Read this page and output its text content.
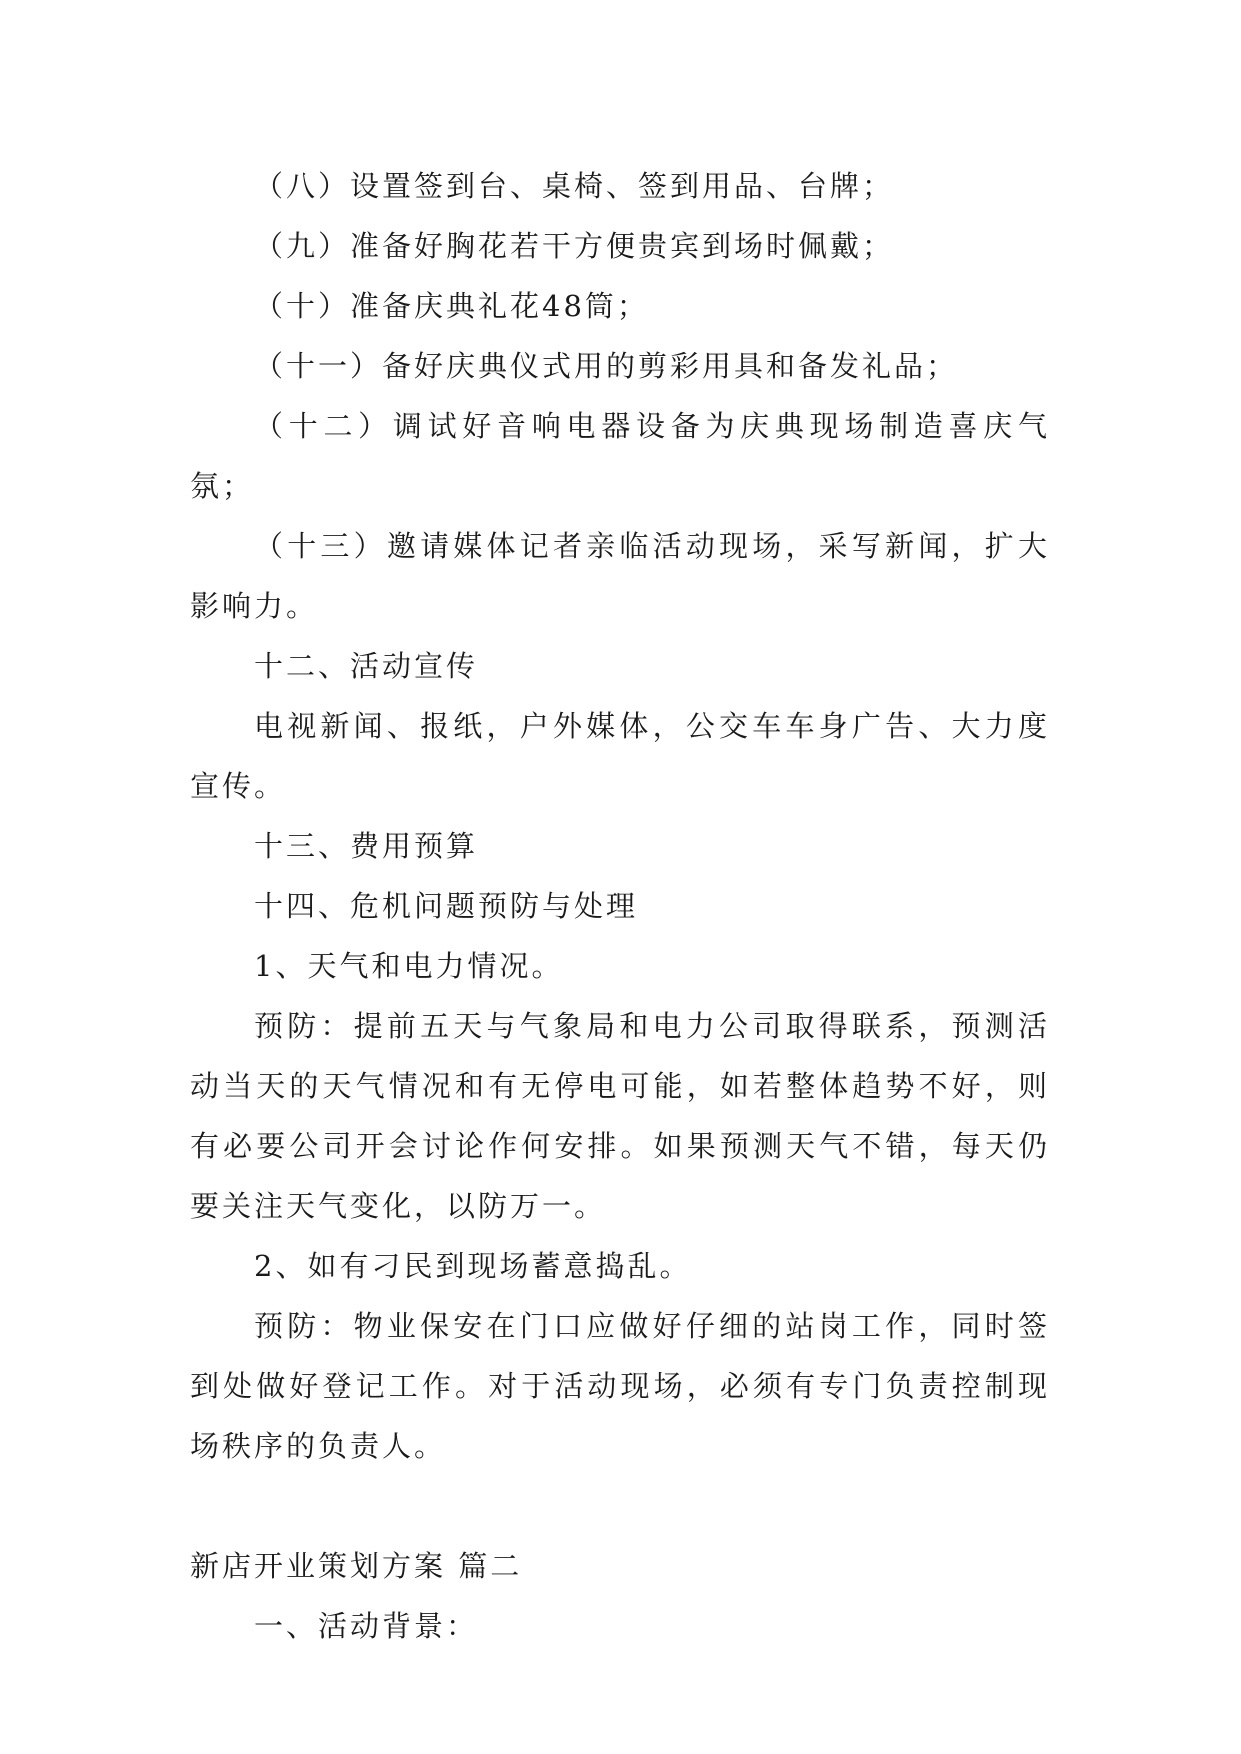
（八）设置签到台、桌椅、签到用品、台牌；

（九）准备好胸花若干方便贵宾到场时佩戴；

（十）准备庆典礼花48筒；

（十一）备好庆典仪式用的剪彩用具和备发礼品；

（十二）调试好音响电器设备为庆典现场制造喜庆气氛；

（十三）邀请媒体记者亲临活动现场，采写新闻，扩大影响力。

十二、活动宣传

电视新闻、报纸，户外媒体，公交车车身广告、大力度宣传。

十三、费用预算

十四、危机问题预防与处理

1、天气和电力情况。

预防：提前五天与气象局和电力公司取得联系，预测活动当天的天气情况和有无停电可能，如若整体趋势不好，则有必要公司开会讨论作何安排。如果预测天气不错，每天仍要关注天气变化，以防万一。

2、如有刁民到现场蓄意捣乱。

预防：物业保安在门口应做好仔细的站岗工作，同时签到处做好登记工作。对于活动现场，必须有专门负责控制现场秩序的负责人。

新店开业策划方案 篇二

一、活动背景：
